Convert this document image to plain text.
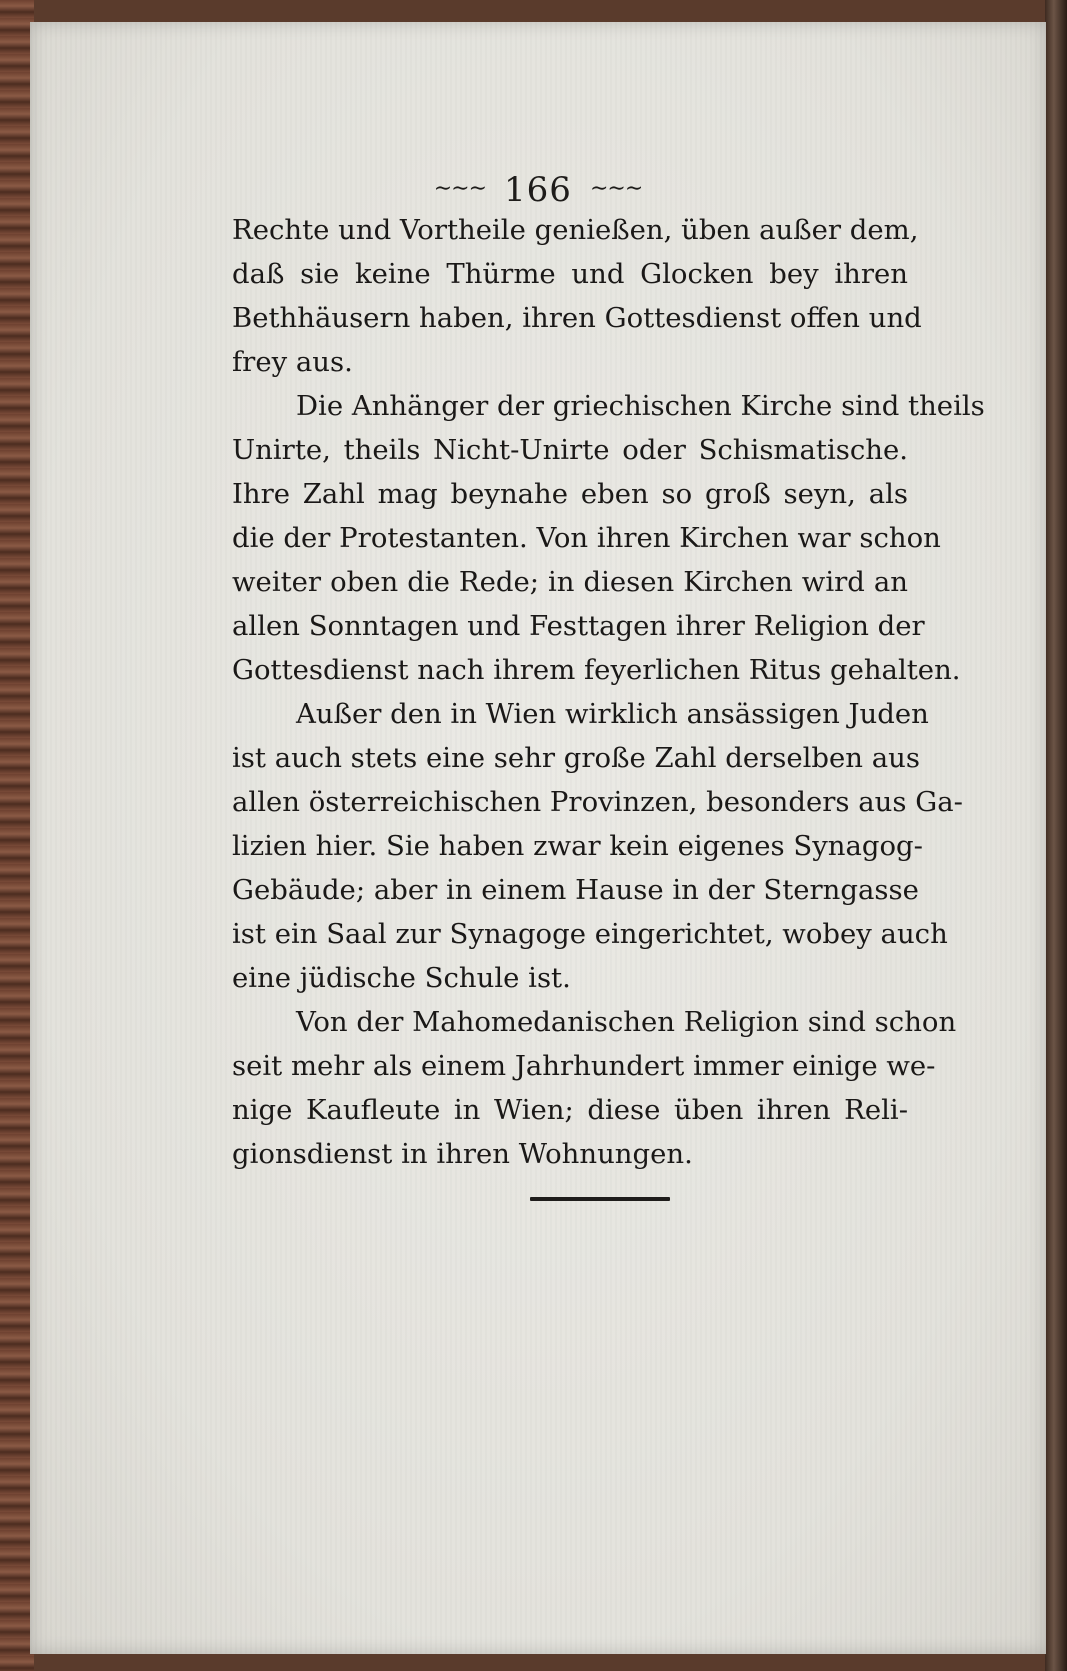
∼∼∼ 166 ∼∼∼
Rechte und Vortheile genießen, üben außer dem,
daß sie keine Thürme und Glocken bey ihren
Bethhäusern haben, ihren Gottesdienst offen und
frey aus.
Die Anhänger der griechischen Kirche sind theils
Unirte, theils Nicht-Unirte oder Schismatische.
Ihre Zahl mag beynahe eben so groß seyn, als
die der Protestanten. Von ihren Kirchen war schon
weiter oben die Rede; in diesen Kirchen wird an
allen Sonntagen und Festtagen ihrer Religion der
Gottesdienst nach ihrem feyerlichen Ritus gehalten.
Außer den in Wien wirklich ansässigen Juden
ist auch stets eine sehr große Zahl derselben aus
allen österreichischen Provinzen, besonders aus Ga-
lizien hier. Sie haben zwar kein eigenes Synagog-
Gebäude; aber in einem Hause in der Sterngasse
ist ein Saal zur Synagoge eingerichtet, wobey auch
eine jüdische Schule ist.
Von der Mahomedanischen Religion sind schon
seit mehr als einem Jahrhundert immer einige we-
nige Kaufleute in Wien; diese üben ihren Reli-
gionsdienst in ihren Wohnungen.
